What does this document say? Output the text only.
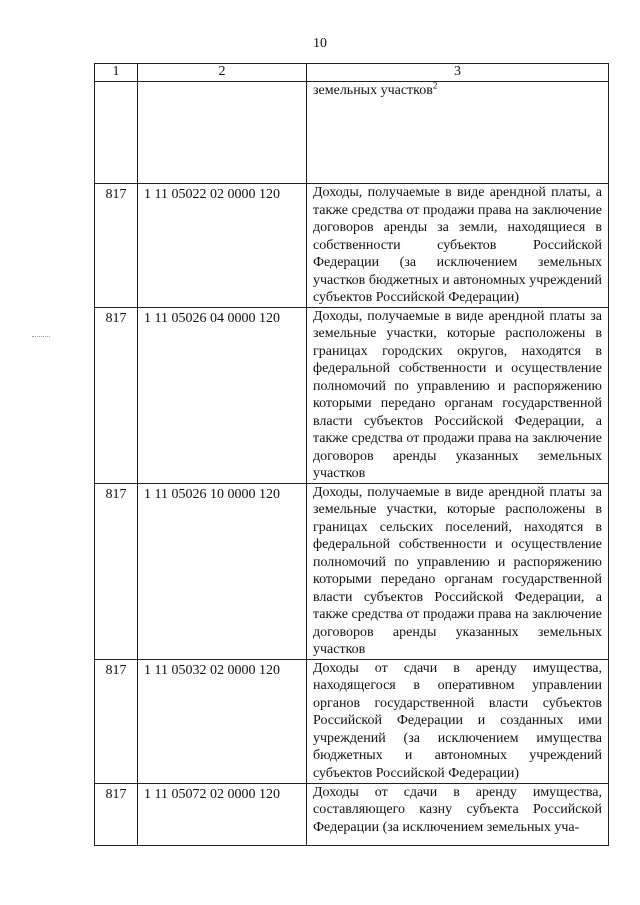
10
1	2	3
		земельных участков$^2$
817	1 11 05022 02 0000 120	Доходы, получаемые в виде арендной платы, а также средства от продажи права на заключение договоров аренды за земли, находящиеся в собственности субъектов Российской Федерации (за исключением земельных участков бюджетных и автономных учреждений субъектов Российской Федерации)
817	1 11 05026 04 0000 120	Доходы, получаемые в виде арендной платы за земельные участки, которые расположены в границах городских округов, находятся в федеральной собственности и осуществление полномочий по управлению и распоряжению которыми передано органам государственной власти субъектов Российской Федерации, а также средства от продажи права на заключение договоров аренды указанных земельных участков
817	1 11 05026 10 0000 120	Доходы, получаемые в виде арендной платы за земельные участки, которые расположены в границах сельских поселений, находятся в федеральной собственности и осуществление полномочий по управлению и распоряжению которыми передано органам государственной власти субъектов Российской Федерации, а также средства от продажи права на заключение договоров аренды указанных земельных участков
817	1 11 05032 02 0000 120	Доходы от сдачи в аренду имущества, находящегося в оперативном управлении органов государственной власти субъектов Российской Федерации и созданных ими учреждений (за исключением имущества бюджетных и автономных учреждений субъектов Российской Федерации)
817	1 11 05072 02 0000 120	Доходы от сдачи в аренду имущества, составляющего казну субъекта Российской Федерации (за исключением земельных уча-
